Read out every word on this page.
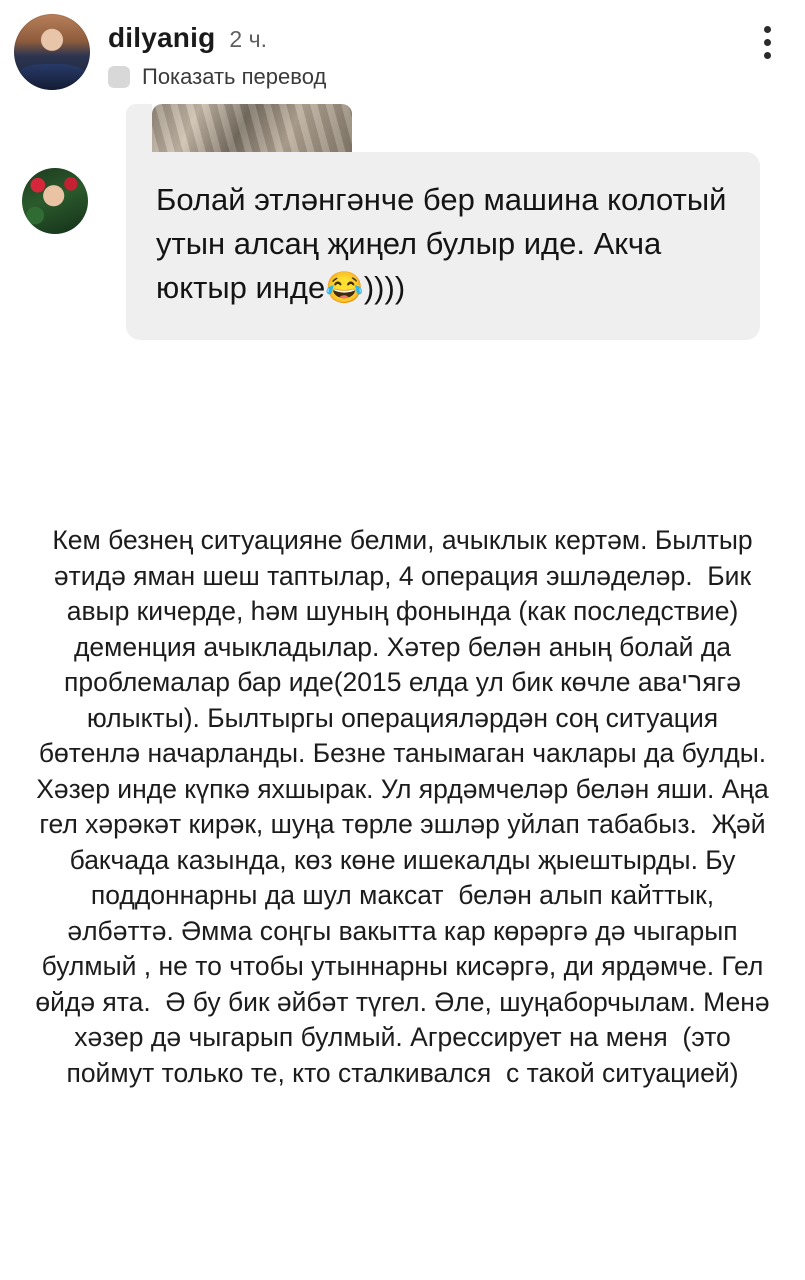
dilyanig 2 ч.
Показать перевод
Болай этләнгәнче бер машина колотый утын алсаң җиңел булыр иде. Акча юктыр инде😂))))
Кем безнең ситуацияне белми, ачыклык кертәм. Былтыр әтидә яман шеш таптылар, 4 операция эшләделәр.  Бик авыр кичерде, һәм шуның фонында (как последствие) деменция ачыкладылар. Хәтер белән аның болай да проблемалар бар иде(2015 елда ул бик көчле аваריягә юлыкты). Былтыргы операцияләрдән соң ситуация бөтенлә начарланды. Безне танымаган чаклары да булды. Хәзер инде күпкә яхшырак. Ул ярдәмчеләр белән яши. Аңа гел хәрәкәт кирәк, шуңа төрле эшләр уйлап табабыз.  Җәй бакчада казында, көз көне ишекалды җыештырды. Бу поддоннарны да шул максат  белән алып кайттык, әлбәттә. Әмма соңгы вакытта кар көрәргә дә чыгарып булмый , не то чтобы утыннарны кисәргә, ди ярдәмче. Гел өйдә ята.  Ә бу бик әйбәт түгел. Әле, шуңаборчылам. Менә хәзер дә чыгарып булмый. Агрессирует на меня  (это поймут только те, кто сталкивался  с такой ситуацией)
